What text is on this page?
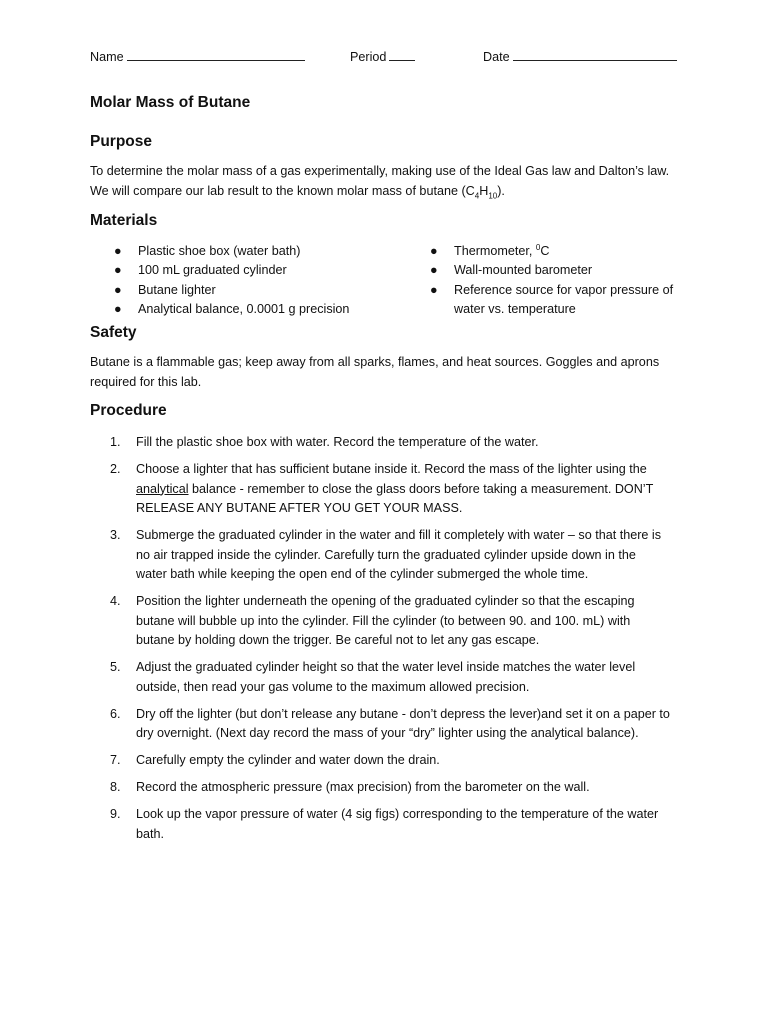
Name	Period	Date
Molar Mass of Butane
Purpose
To determine the molar mass of a gas experimentally, making use of the Ideal Gas law and Dalton’s law.
We will compare our lab result to the known molar mass of butane $(C_4H_{10})$.
Materials
● Plastic shoe box (water bath)
● 100 mL graduated cylinder
● Butane lighter
● Analytical balance, 0.0001 g precision
● Thermometer, $^0$C
● Wall-mounted barometer
● Reference source for vapor pressure of
water vs. temperature
Safety
Butane is a flammable gas; keep away from all sparks, flames, and heat sources. Goggles and aprons
required for this lab.
Procedure
1. Fill the plastic shoe box with water. Record the temperature of the water.
2. Choose a lighter that has sufficient butane inside it. Record the mass of the lighter using the
analytical balance - remember to close the glass doors before taking a measurement. DON’T
RELEASE ANY BUTANE AFTER YOU GET YOUR MASS.
3. Submerge the graduated cylinder in the water and fill it completely with water – so that there is
no air trapped inside the cylinder. Carefully turn the graduated cylinder upside down in the
water bath while keeping the open end of the cylinder submerged the whole time.
4. Position the lighter underneath the opening of the graduated cylinder so that the escaping
butane will bubble up into the cylinder. Fill the cylinder (to between 90. and 100. mL) with
butane by holding down the trigger. Be careful not to let any gas escape.
5. Adjust the graduated cylinder height so that the water level inside matches the water level
outside, then read your gas volume to the maximum allowed precision.
6. Dry off the lighter (but don’t release any butane - don’t depress the lever)and set it on a paper to
dry overnight. (Next day record the mass of your “dry” lighter using the analytical balance).
7. Carefully empty the cylinder and water down the drain.
8. Record the atmospheric pressure (max precision) from the barometer on the wall.
9. Look up the vapor pressure of water (4 sig figs) corresponding to the temperature of the water
bath.
